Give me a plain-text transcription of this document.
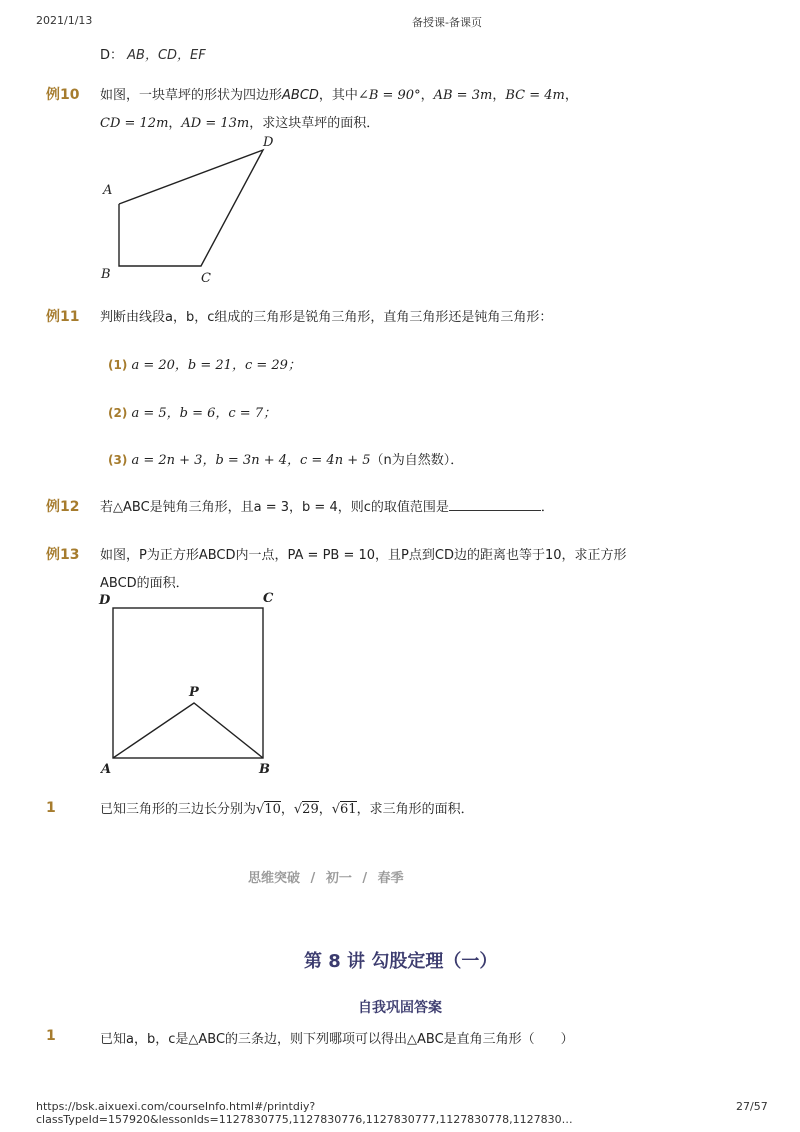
2021/1/13	备授课-备课页
D： AB，CD，EF
例10 如图，一块草坪的形状为四边形ABCD，其中∠B = 90°，AB = 3m，BC = 4m，
CD = 12m，AD = 13m，求这块草坪的面积．
A
B	C
D
例11 判断由线段a，b，c组成的三角形是锐角三角形，直角三角形还是钝角三角形：
(1) a = 20，b = 21，c = 29；
(2) a = 5，b = 6，c = 7；
(3) a = 2n + 3，b = 3n + 4，c = 4n + 5（n为自然数）．
例12 若△ABC是钝角三角形，且a = 3，b = 4，则c的取值范围是	．
例13 如图，P为正方形ABCD内一点，PA = PB = 10，且P点到CD边的距离也等于10，求正方形
ABCD的面积．
D	C
P
A	B
1	已知三角形的三边长分别为√10，√29，√61，求三角形的面积．
思维突破 / 初一 / 春季
第 8 讲 勾股定理（一）
自我巩固答案
1	已知a，b，c是△ABC的三条边，则下列哪项可以得出△ABC是直角三角形（　　）
https://bsk.aixuexi.com/courseInfo.html#/printdiy?classTypeId=157920&lessonIds=1127830775,1127830776,1127830777,1127830778,1127830…
27/57
